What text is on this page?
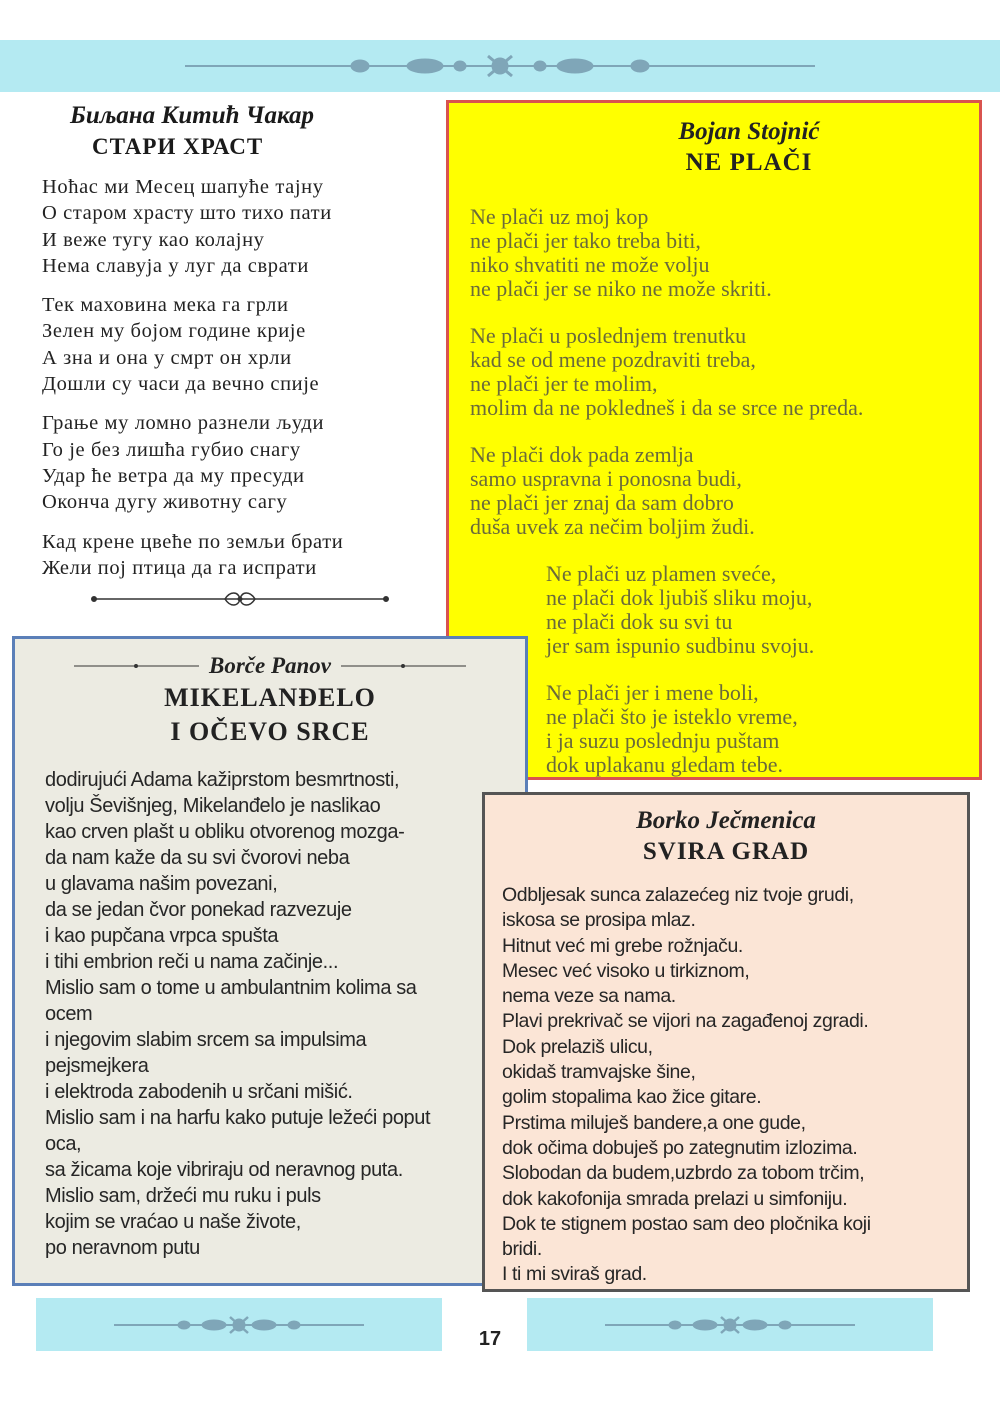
Биљана Китић Чакар
СТАРИ ХРАСТ
Ноћас ми Месец шапуће тајну
О старом храсту што тихо пати
И веже тугу као колајну
Нема славуја у луг да сврати
Тек маховина мека га грли
Зелен му бојом године крије
А зна и она у смрт он хрли
Дошли су часи да вечно спије
Грање му ломно разнели људи
Го је без лишћа губио снагу
Удар ће ветра да му пресуди
Оконча дугу животну сагу
Кад крене цвеће по земљи брати
Жели пој птица да га испрати
Bojan Stojnić
NE PLAČI
Ne plači uz moj kop
ne plači jer tako treba biti,
niko shvatiti ne može volju
ne plači jer se niko ne može skriti.
Ne plači u poslednjem trenutku
kad se od mene pozdraviti treba,
ne plači jer te molim,
molim da ne pokledneš i da se srce ne preda.
Ne plači dok pada zemlja
samo uspravna i ponosna budi,
ne plači jer znaj da sam dobro
duša uvek za nečim boljim žudi.
Ne plači uz plamen sveće,
ne plači dok ljubiš sliku moju,
ne plači dok su svi tu
jer sam ispunio sudbinu svoju.
Ne plači jer i mene boli,
ne plači što je isteklo vreme,
i ja suzu poslednju puštam
dok uplakanu gledam tebe.
Borče Panov
MIKELANĐELO
I OČEVO SRCE
dodirujući Adama kažiprstom besmrtnosti,
volju Ševišnjeg, Mikelanđelo je naslikao
kao crven plašt u obliku otvorenog mozga-
da nam kaže da su svi čvorovi neba
u glavama našim povezani,
da se jedan čvor ponekad razvezuje
i kao pupčana vrpca spušta
i tihi embrion reči u nama začinje...
Mislio sam o tome u ambulantnim kolima sa
ocem
i njegovim slabim srcem sa impulsima
pejsmejkera
i elektroda zabodenih u srčani mišić.
Mislio sam i na harfu kako putuje ležeći poput
oca,
sa žicama koje vibriraju od neravnog puta.
Mislio sam, držeći mu ruku i puls
kojim se vraćao u naše živote,
po neravnom putu
Borko Ječmenica
SVIRA GRAD
Odbljesak sunca zalazećeg niz tvoje grudi,
iskosa se prosipa mlaz.
Hitnut već mi grebe rožnjaču.
Mesec već visoko u tirkiznom,
nema veze sa nama.
Plavi prekrivač se vijori na zagađenoj zgradi.
Dok prelaziš ulicu,
okidaš tramvajske šine,
golim stopalima kao žice gitare.
Prstima miluješ bandere,a one gude,
dok očima dobuješ po zategnutim izlozima.
Slobodan da budem,uzbrdo za tobom trčim,
dok kakofonija smrada prelazi u simfoniju.
Dok te stignem postao sam deo pločnika koji
bridi.
I ti mi sviraš grad.
17
